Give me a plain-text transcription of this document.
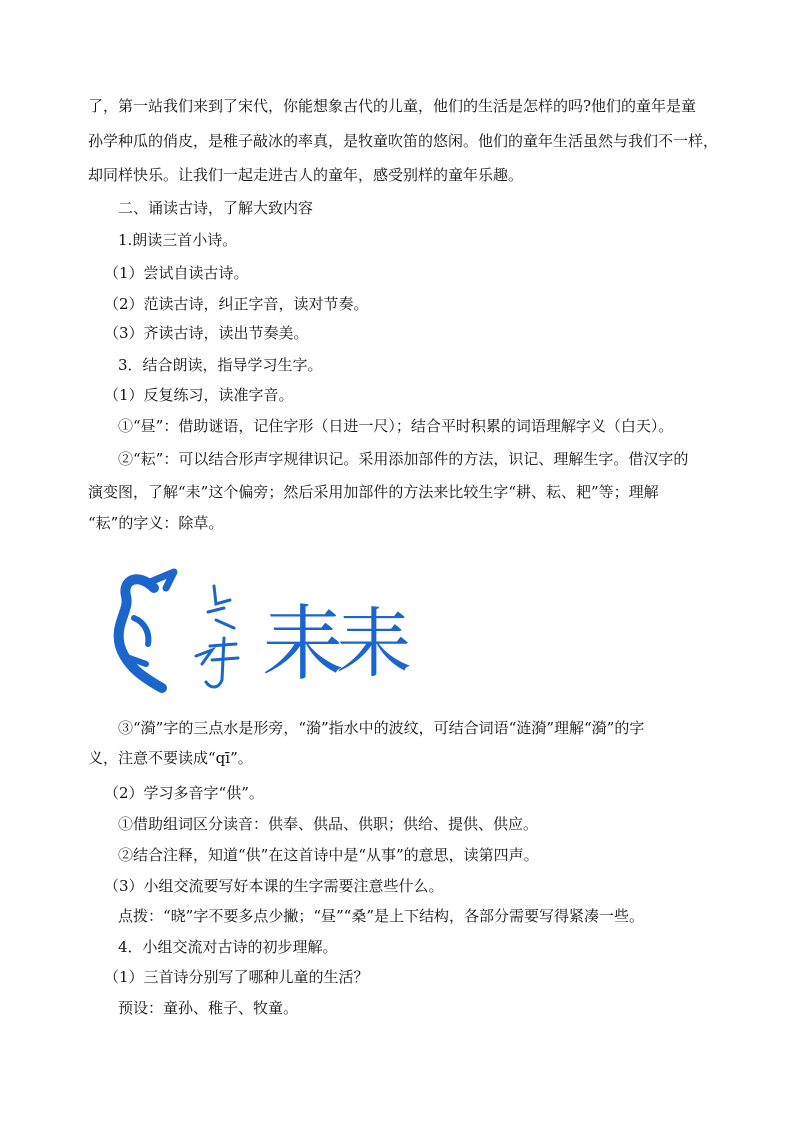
了，第一站我们来到了宋代，你能想象古代的儿童，他们的生活是怎样的吗?他们的童年是童
孙学种瓜的俏皮，是稚子敲冰的率真，是牧童吹笛的悠闲。他们的童年生活虽然与我们不一样，
却同样快乐。让我们一起走进古人的童年，感受别样的童年乐趣。
二、诵读古诗，了解大致内容
1.朗读三首小诗。
（1）尝试自读古诗。
（2）范读古诗，纠正字音，读对节奏。
（3）齐读古诗，读出节奏美。
3．结合朗读，指导学习生字。
（1）反复练习，读准字音。
①“昼”：借助谜语，记住字形（日进一尺）；结合平时积累的词语理解字义（白天）。
②“耘”：可以结合形声字规律识记。采用添加部件的方法，识记、理解生字。借汉字的
演变图，了解“耒”这个偏旁；然后采用加部件的方法来比较生字“耕、耘、耙”等；理解
“耘”的字义：除草。
耒
耒
③“漪”字的三点水是形旁，“漪”指水中的波纹，可结合词语“涟漪”理解“漪”的字
义，注意不要读成“qī”。
（2）学习多音字“供”。
①借助组词区分读音：供奉、供品、供职；供给、提供、供应。
②结合注释，知道“供”在这首诗中是“从事”的意思，读第四声。
（3）小组交流要写好本课的生字需要注意些什么。
点拨：“晓”字不要多点少撇；“昼”“桑”是上下结构，各部分需要写得紧凑一些。
4．小组交流对古诗的初步理解。
（1）三首诗分别写了哪种儿童的生活？
预设：童孙、稚子、牧童。
